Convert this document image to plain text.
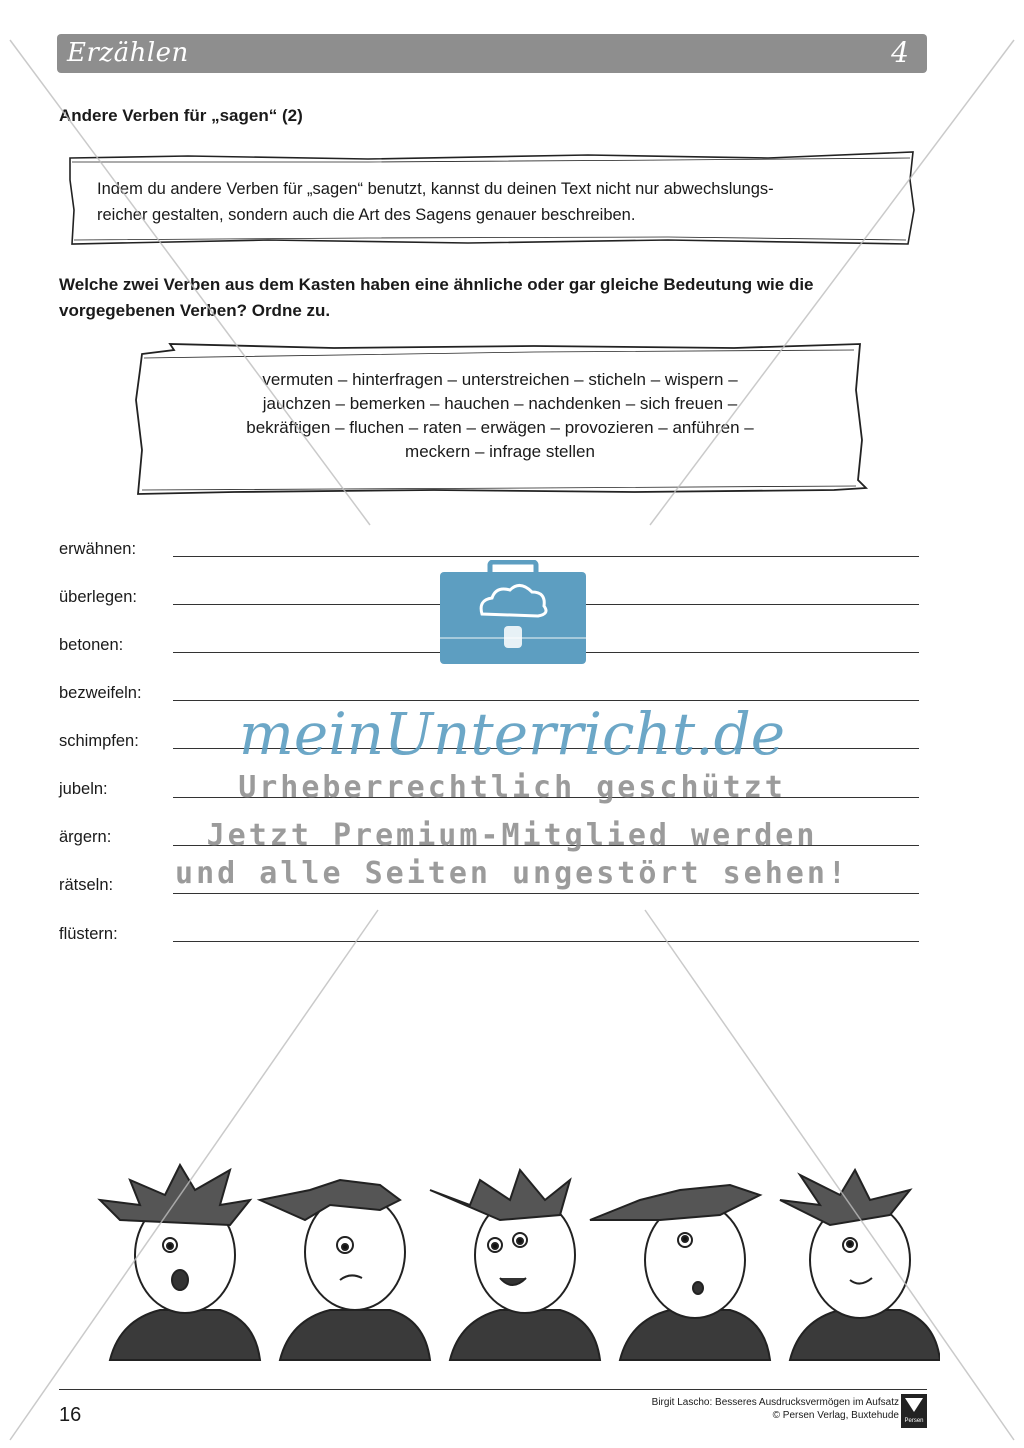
Erzählen	4
Andere Verben für „sagen“ (2)
Indem du andere Verben für „sagen“ benutzt, kannst du deinen Text nicht nur abwechslungs-
reicher gestalten, sondern auch die Art des Sagens genauer beschreiben.
Welche zwei Verben aus dem Kasten haben eine ähnliche oder gar gleiche Bedeutung wie die
vorgegebenen Verben? Ordne zu.
vermuten – hinterfragen – unterstreichen – sticheln – wispern –
jauchzen – bemerken – hauchen – nachdenken – sich freuen –
bekräftigen – fluchen – raten – erwägen – provozieren – anführen –
meckern – infrage stellen
erwähnen:
überlegen:
betonen:
bezweifeln:
schimpfen:
jubeln:
ärgern:
rätseln:
flüstern:
meinUnterricht.de
Urheberrechtlich geschützt
Jetzt Premium-Mitglied werden
und alle Seiten ungestört sehen!
16
Birgit Lascho: Besseres Ausdrucksvermögen im Aufsatz
© Persen Verlag, Buxtehude Persen
